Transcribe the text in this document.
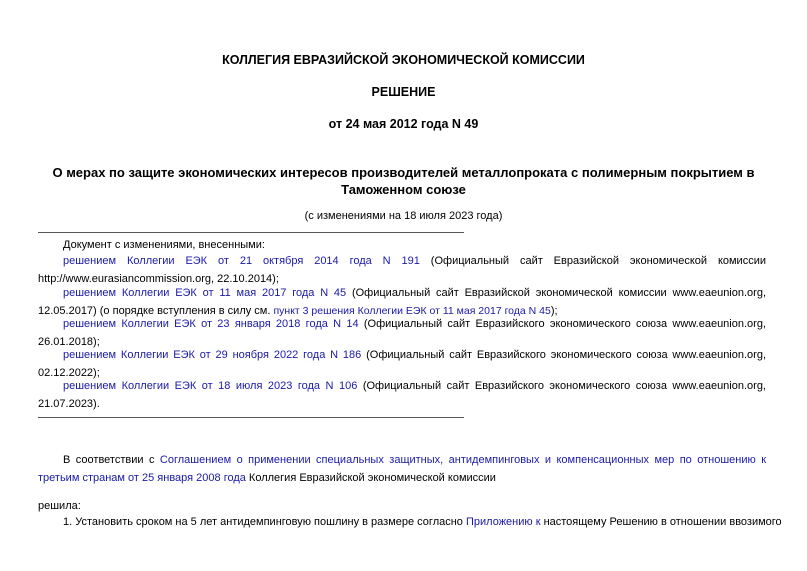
КОЛЛЕГИЯ ЕВРАЗИЙСКОЙ ЭКОНОМИЧЕСКОЙ КОМИССИИ
РЕШЕНИЕ
от 24 мая 2012 года N 49
О мерах по защите экономических интересов производителей металлопроката с полимерным покрытием в
Таможенном союзе
(с изменениями на 18 июля 2023 года)
Документ с изменениями, внесенными:
решением Коллегии ЕЭК от 21 октября 2014 года N 191 (Официальный сайт Евразийской экономической комиссии http://www.eurasiancommission.org, 22.10.2014);
решением Коллегии ЕЭК от 11 мая 2017 года N 45 (Официальный сайт Евразийской экономической комиссии www.eaeunion.org, 12.05.2017) (о порядке вступления в силу см. пункт 3 решения Коллегии ЕЭК от 11 мая 2017 года N 45);
решением Коллегии ЕЭК от 23 января 2018 года N 14 (Официальный сайт Евразийского экономического союза www.eaeunion.org, 26.01.2018);
решением Коллегии ЕЭК от 29 ноября 2022 года N 186 (Официальный сайт Евразийского экономического союза www.eaeunion.org, 02.12.2022);
решением Коллегии ЕЭК от 18 июля 2023 года N 106 (Официальный сайт Евразийского экономического союза www.eaeunion.org, 21.07.2023).
В соответствии с Соглашением о применении специальных защитных, антидемпинговых и компенсационных мер по отношению к третьим странам от 25 января 2008 года Коллегия Евразийской экономической комиссии
решила:
1. Установить сроком на 5 лет антидемпинговую пошлину в размере согласно Приложению к настоящему Решению в отношении ввозимого
